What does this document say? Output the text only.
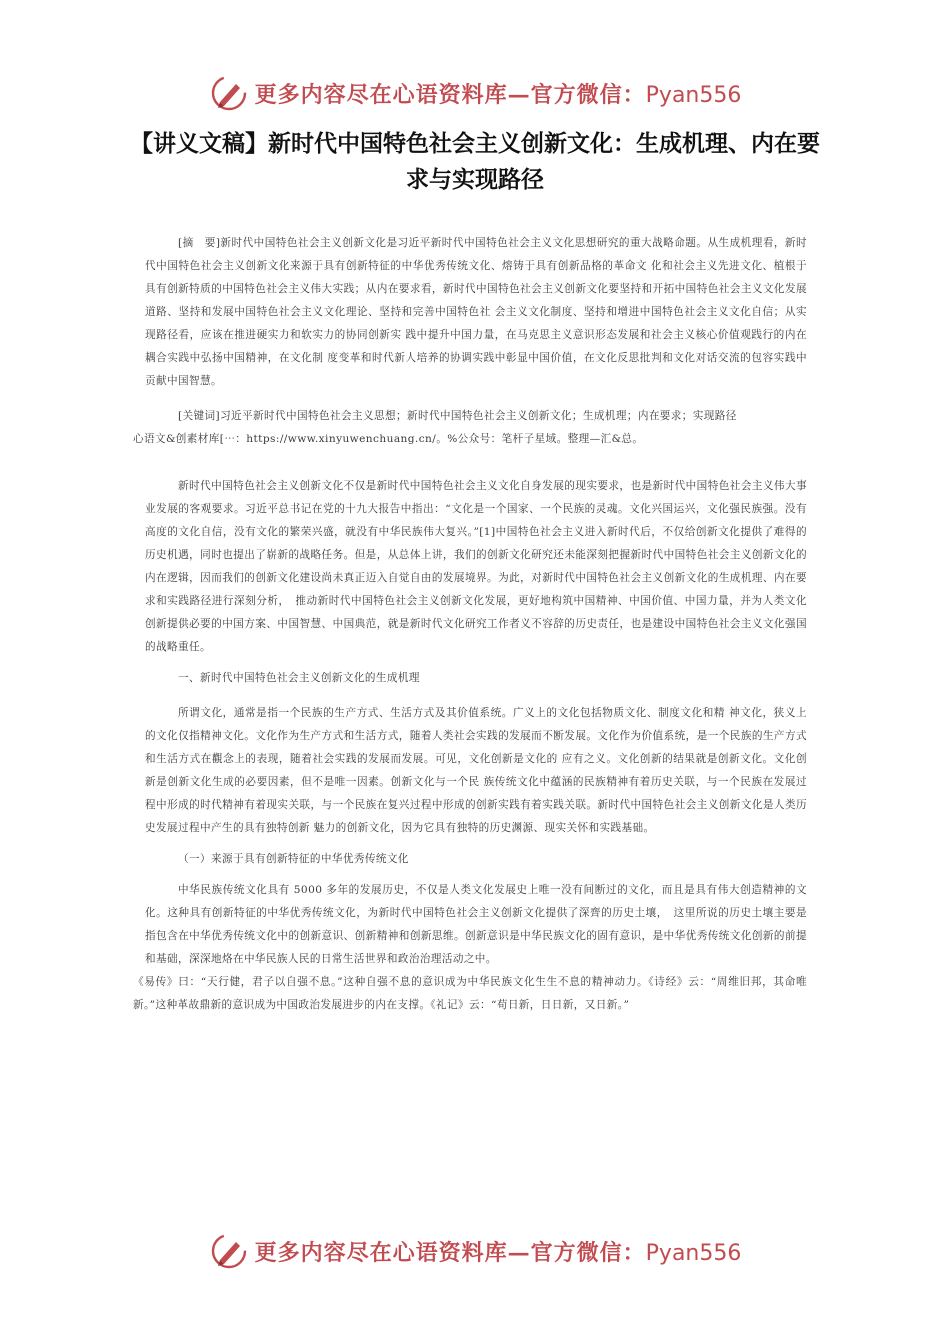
更多内容尽在心语资料库—官方微信：Pyan556
【讲义文稿】新时代中国特色社会主义创新文化：生成机理、内在要求与实现路径

[摘　要]新时代中国特色社会主义创新文化是习近平新时代中国特色社会主义文化思想研究的重大战略命题。从生成机理看，新时代中国特色社会主义创新文化来源于具有创新特征的中华优秀传统文化、熔铸于具有创新品格的革命文 化和社会主义先进文化、植根于具有创新特质的中国特色社会主义伟大实践；从内在要求看，新时代中国特色社会主义创新文化要坚持和开拓中国特色社会主义文化发展道路、坚持和发展中国特色社会主义文化理论、坚持和完善中国特色社 会主义文化制度、坚持和增进中国特色社会主义文化自信；从实现路径看，应该在推进硬实力和软实力的协同创新实 践中提升中国力量，在马克思主义意识形态发展和社会主义核心价值观践行的内在耦合实践中弘扬中国精神，在文化制 度变革和时代新人培养的协调实践中彰显中国价值，在文化反思批判和文化对话交流的包容实践中贡献中国智慧。

[关键词]习近平新时代中国特色社会主义思想；新时代中国特色社会主义创新文化；生成机理；内在要求；实现路径

心语文&创素材库[⋯：https://www.xinyuwenchuang.cn/。%公众号：笔杆子星域。整理—汇&总。

新时代中国特色社会主义创新文化不仅是新时代中国特色社会主义文化自身发展的现实要求，也是新时代中国特色社会主义伟大事业发展的客观要求。习近平总书记在党的十九大报告中指出：“文化是一个国家、一个民族的灵魂。文化兴国运兴，文化强民族强。没有高度的文化自信，没有文化的繁荣兴盛，就没有中华民族伟大复兴。”[1]中国特色社会主义进入新时代后，不仅给创新文化提供了难得的历史机遇，同时也提出了崭新的战略任务。但是，从总体上讲，我们的创新文化研究还未能深刻把握新时代中国特色社会主义创新文化的内在逻辑，因而我们的创新文化建设尚未真正迈入自觉自由的发展境界。为此，对新时代中国特色社会主义创新文化的生成机理、内在要求和实践路径进行深刻分析，　推动新时代中国特色社会主义创新文化发展，更好地构筑中国精神、中国价值、中国力量，并为人类文化创新提供必要的中国方案、中国智慧、中国典范，就是新时代文化研究工作者义不容辞的历史责任，也是建设中国特色社会主义文化强国的战略重任。

一、新时代中国特色社会主义创新文化的生成机理

所谓文化，通常是指一个民族的生产方式、生活方式及其价值系统。广义上的文化包括物质文化、制度文化和精 神文化，狭义上的文化仅指精神文化。文化作为生产方式和生活方式，随着人类社会实践的发展而不断发展。文化作为价值系统，是一个民族的生产方式和生活方式在觀念上的表现，随着社会实践的发展而发展。可见，文化创新是文化的 应有之义。文化创新的结果就是创新文化。文化创新是创新文化生成的必要因素，但不是唯一因素。创新文化与一个民 族传统文化中蕴涵的民族精神有着历史关联，与一个民族在发展过程中形成的时代精神有着现实关联，与一个民族在复兴过程中形成的创新实践有着实践关联。新时代中国特色社会主义创新文化是人类历史发展过程中产生的具有独特创新 魅力的创新文化，因为它具有独特的历史渊源、现实关怀和实践基础。

（一）来源于具有创新特征的中华优秀传统文化

中华民族传统文化具有 5000 多年的发展历史，不仅是人类文化发展史上唯一没有间断过的文化，而且是具有伟大创造精神的文化。这种具有创新特征的中华优秀传统文化，为新时代中国特色社会主义创新文化提供了深⿑的历史土壤，　这里所说的历史土壤主要是指包含在中华优秀传统文化中的创新意识、创新精神和创新思维。创新意识是中华民族文化的固有意识，是中华优秀传统文化创新的前提和基础，深深地烙在中华民族人民的日常生活世界和政治治理活动之中。

《易传》曰：“天行健，君子以自强不息。”这种自强不息的意识成为中华民族文化生生不息的精神动力。《诗经》云：“周维旧邦，其命唯新。”这种革故鼎新的意识成为中国政治发展进步的内在支撑。《礼记》云：“苟日新，日日新，又日新。”

更多内容尽在心语资料库—官方微信：Pyan556
